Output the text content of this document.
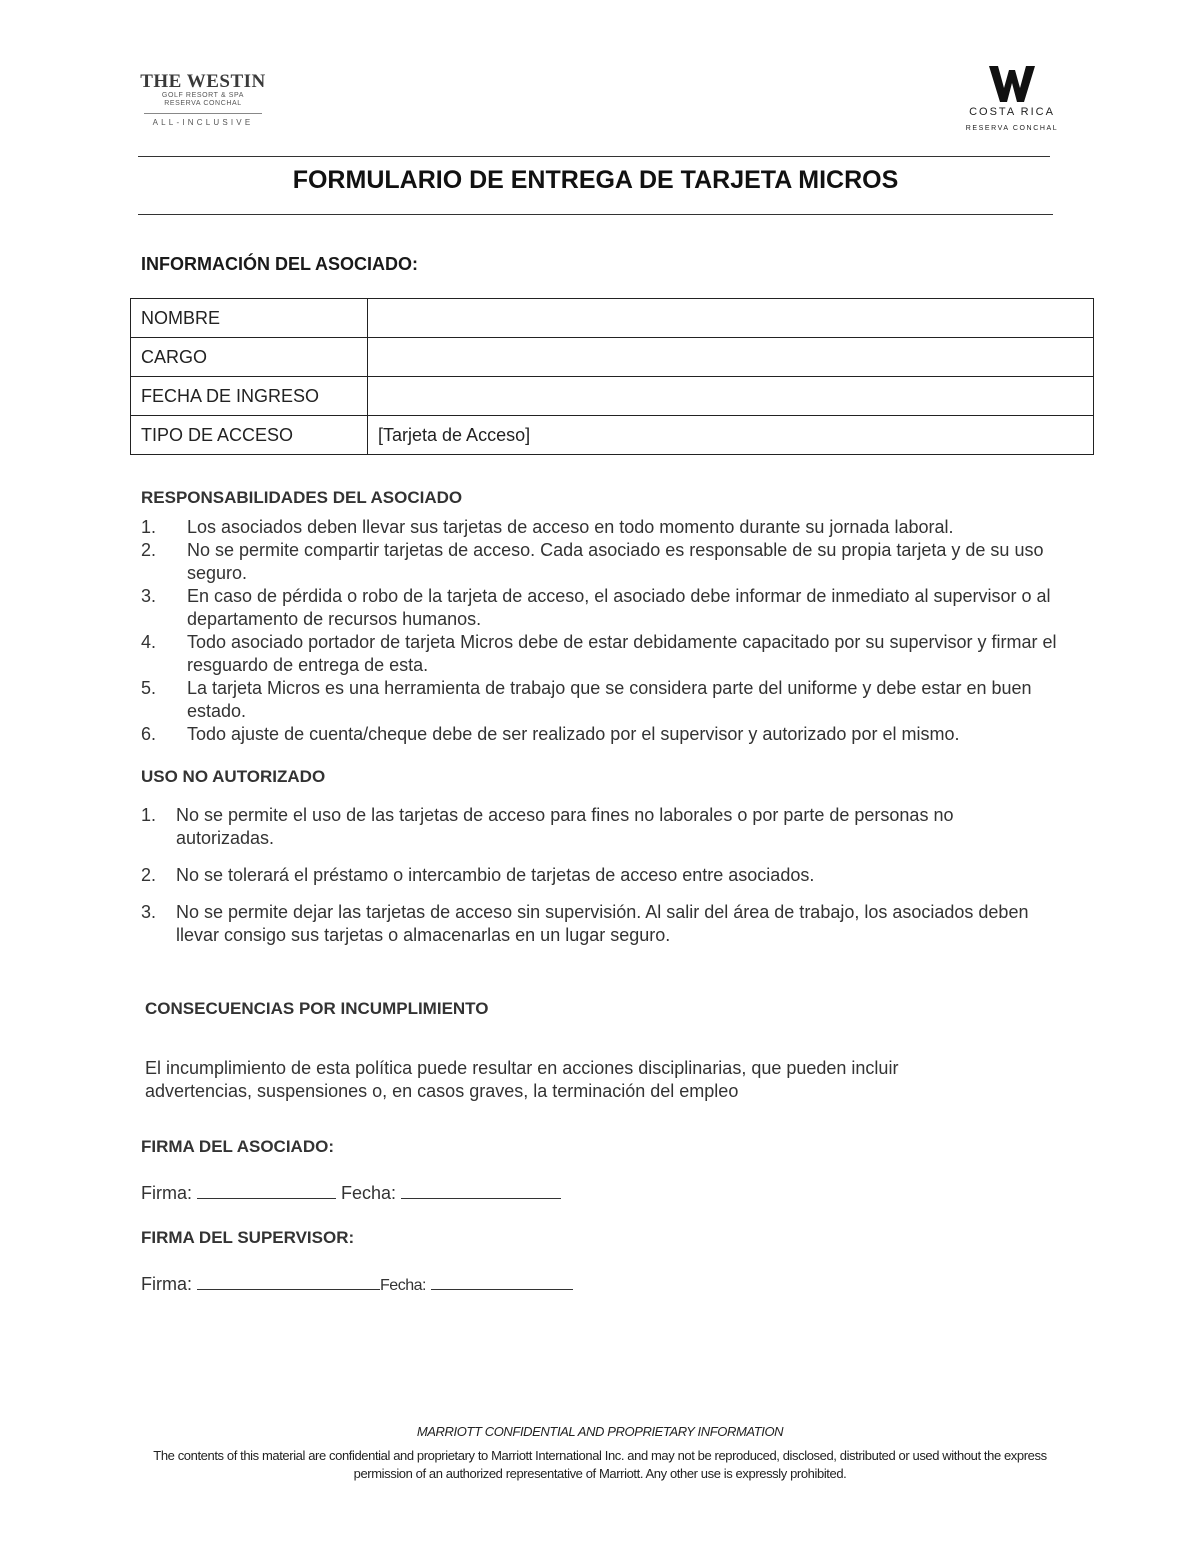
THE WESTIN
GOLF RESORT & SPA
RESERVA CONCHAL
ALL-INCLUSIVE
COSTA RICA
RESERVA CONCHAL
FORMULARIO DE ENTREGA DE TARJETA MICROS
INFORMACIÓN DEL ASOCIADO:
NOMBRE	
CARGO	
FECHA DE INGRESO	
TIPO DE ACCESO	[Tarjeta de Acceso]
RESPONSABILIDADES DEL ASOCIADO
1. Los asociados deben llevar sus tarjetas de acceso en todo momento durante su jornada laboral.
2. No se permite compartir tarjetas de acceso. Cada asociado es responsable de su propia tarjeta y de su uso seguro.
3. En caso de pérdida o robo de la tarjeta de acceso, el asociado debe informar de inmediato al supervisor o al departamento de recursos humanos.
4. Todo asociado portador de tarjeta Micros debe de estar debidamente capacitado por su supervisor y firmar el resguardo de entrega de esta.
5. La tarjeta Micros es una herramienta de trabajo que se considera parte del uniforme y debe estar en buen estado.
6. Todo ajuste de cuenta/cheque debe de ser realizado por el supervisor y autorizado por el mismo.
USO NO AUTORIZADO
1. No se permite el uso de las tarjetas de acceso para fines no laborales o por parte de personas no autorizadas.
2. No se tolerará el préstamo o intercambio de tarjetas de acceso entre asociados.
3. No se permite dejar las tarjetas de acceso sin supervisión. Al salir del área de trabajo, los asociados deben llevar consigo sus tarjetas o almacenarlas en un lugar seguro.
CONSECUENCIAS POR INCUMPLIMIENTO
El incumplimiento de esta política puede resultar en acciones disciplinarias, que pueden incluir advertencias, suspensiones o, en casos graves, la terminación del empleo
FIRMA DEL ASOCIADO:
Firma:	Fecha:
FIRMA DEL SUPERVISOR:
Firma:	Fecha:
MARRIOTT CONFIDENTIAL AND PROPRIETARY INFORMATION
The contents of this material are confidential and proprietary to Marriott International Inc. and may not be reproduced, disclosed, distributed or used without the express permission of an authorized representative of Marriott. Any other use is expressly prohibited.
